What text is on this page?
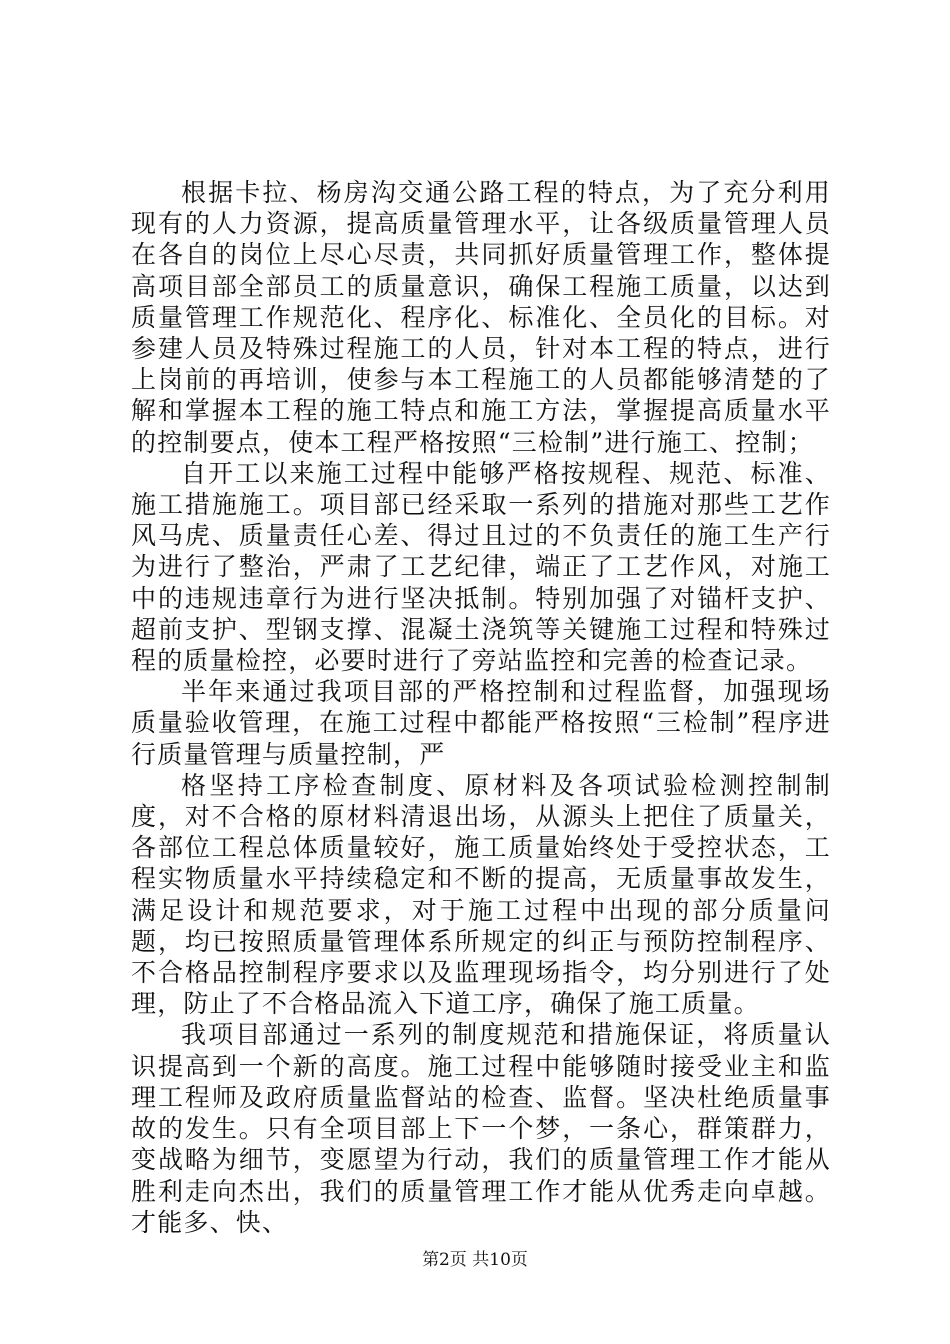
根据卡拉、杨房沟交通公路工程的特点，为了充分利用现有的人力资源，提高质量管理水平，让各级质量管理人员在各自的岗位上尽心尽责，共同抓好质量管理工作，整体提高项目部全部员工的质量意识，确保工程施工质量，以达到质量管理工作规范化、程序化、标准化、全员化的目标。对参建人员及特殊过程施工的人员，针对本工程的特点，进行上岗前的再培训，使参与本工程施工的人员都能够清楚的了解和掌握本工程的施工特点和施工方法，掌握提高质量水平的控制要点，使本工程严格按照“三检制”进行施工、控制；

自开工以来施工过程中能够严格按规程、规范、标准、施工措施施工。项目部已经采取一系列的措施对那些工艺作风马虎、质量责任心差、得过且过的不负责任的施工生产行为进行了整治，严肃了工艺纪律，端正了工艺作风，对施工中的违规违章行为进行坚决抵制。特别加强了对锚杆支护、超前支护、型钢支撑、混凝土浇筑等关键施工过程和特殊过程的质量检控，必要时进行了旁站监控和完善的检查记录。

半年来通过我项目部的严格控制和过程监督，加强现场质量验收管理，在施工过程中都能严格按照“三检制”程序进行质量管理与质量控制，严

格坚持工序检查制度、原材料及各项试验检测控制制度，对不合格的原材料清退出场，从源头上把住了质量关，各部位工程总体质量较好，施工质量始终处于受控状态，工程实物质量水平持续稳定和不断的提高，无质量事故发生，满足设计和规范要求，对于施工过程中出现的部分质量问题，均已按照质量管理体系所规定的纠正与预防控制程序、不合格品控制程序要求以及监理现场指令，均分别进行了处理，防止了不合格品流入下道工序，确保了施工质量。

我项目部通过一系列的制度规范和措施保证，将质量认识提高到一个新的高度。施工过程中能够随时接受业主和监理工程师及政府质量监督站的检查、监督。坚决杜绝质量事故的发生。只有全项目部上下一个梦，一条心，群策群力，变战略为细节，变愿望为行动，我们的质量管理工作才能从胜利走向杰出，我们的质量管理工作才能从优秀走向卓越。才能多、快、

第2页 共10页
